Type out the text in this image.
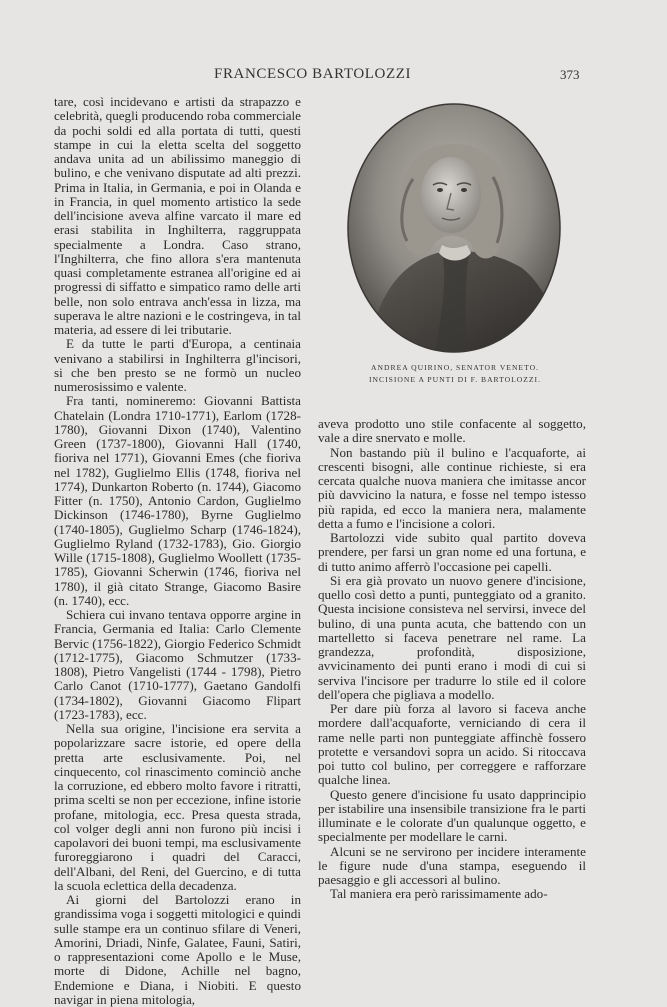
FRANCESCO BARTOLOZZI	373

tare, così incidevano e artisti da strapazzo e celebrità, quegli producendo roba commerciale da pochi soldi ed alla portata di tutti, questi stampe in cui la eletta scelta del soggetto andava unita ad un abilissimo maneggio di bulino, e che venivano disputate ad alti prezzi. Prima in Italia, in Germania, e poi in Olanda e in Francia, in quel momento artistico la sede dell'incisione aveva alfine varcato il mare ed erasi stabilita in Inghilterra, raggruppata specialmente a Londra. Caso strano, l'Inghilterra, che fino allora s'era mantenuta quasi completamente estranea all'origine ed ai progressi di siffatto e simpatico ramo delle arti belle, non solo entrava anch'essa in lizza, ma superava le altre nazioni e le costringeva, in tal materia, ad essere di lei tributarie.

E da tutte le parti d'Europa, a centinaia venivano a stabilirsi in Inghilterra gl'incisori, si che ben presto se ne formò un nucleo numerosissimo e valente.

Fra tanti, nomineremo: Giovanni Battista Chatelain (Londra 1710-1771), Earlom (1728-1780), Giovanni Dixon (1740), Valentino Green (1737-1800), Giovanni Hall (1740, fioriva nel 1771), Giovanni Emes (che fioriva nel 1782), Guglielmo Ellis (1748, fioriva nel 1774), Dunkarton Roberto (n. 1744), Giacomo Fitter (n. 1750), Antonio Cardon, Guglielmo Dickinson (1746-1780), Byrne Guglielmo (1740-1805), Guglielmo Scharp (1746-1824), Guglielmo Ryland (1732-1783), Gio. Giorgio Wille (1715-1808), Guglielmo Woollett (1735-1785), Giovanni Scherwin (1746, fioriva nel 1780), il già citato Strange, Giacomo Basire (n. 1740), ecc.

Schiera cui invano tentava opporre argine in Francia, Germania ed Italia: Carlo Clemente Bervic (1756-1822), Giorgio Federico Schmidt (1712-1775), Giacomo Schmutzer (1733-1808), Pietro Vangelisti (1744 - 1798), Pietro Carlo Canot (1710-1777), Gaetano Gandolfi (1734-1802), Giovanni Giacomo Flipart (1723-1783), ecc.

Nella sua origine, l'incisione era servita a popolarizzare sacre istorie, ed opere della pretta arte esclusivamente. Poi, nel cinquecento, col rinascimento cominciò anche la corruzione, ed ebbero molto favore i ritratti, prima scelti se non per eccezione, infine istorie profane, mitologia, ecc. Presa questa strada, col volger degli anni non furono più incisi i capolavori dei buoni tempi, ma esclusivamente furoreggiarono i quadri del Caracci, dell'Albani, del Reni, del Guercino, e di tutta la scuola eclettica della decadenza.

Ai giorni del Bartolozzi erano in grandissima voga i soggetti mitologici e quindi sulle stampe era un continuo sfilare di Veneri, Amorini, Driadi, Ninfe, Galatee, Fauni, Satiri, o rappresentazioni come Apollo e le Muse, morte di Didone, Achille nel bagno, Endemione e Diana, i Niobiti. E questo navigar in piena mitologia,

ANDREA QUIRINO, SENATOR VENETO.
INCISIONE A PUNTI DI F. BARTOLOZZI.

aveva prodotto uno stile confacente al soggetto, vale a dire snervato e molle.

Non bastando più il bulino e l'acquaforte, ai crescenti bisogni, alle continue richieste, si era cercata qualche nuova maniera che imitasse ancor più davvicino la natura, e fosse nel tempo istesso più rapida, ed ecco la maniera nera, malamente detta a fumo e l'incisione a colori.

Bartolozzi vide subito qual partito doveva prendere, per farsi un gran nome ed una fortuna, e di tutto animo afferrò l'occasione pei capelli.

Si era già provato un nuovo genere d'incisione, quello così detto a punti, punteggiato od a granito. Questa incisione consisteva nel servirsi, invece del bulino, di una punta acuta, che battendo con un martelletto si faceva penetrare nel rame. La grandezza, profondità, disposizione, avvicinamento dei punti erano i modi di cui si serviva l'incisore per tradurre lo stile ed il colore dell'opera che pigliava a modello.

Per dare più forza al lavoro si faceva anche mordere dall'acquaforte, verniciando di cera il rame nelle parti non punteggiate affinchè fossero protette e versandovi sopra un acido. Si ritoccava poi tutto col bulino, per correggere e rafforzare qualche linea.

Questo genere d'incisione fu usato dapprincipio per istabilire una insensibile transizione fra le parti illuminate e le colorate d'un qualunque oggetto, e specialmente per modellare le carni.

Alcuni se ne servirono per incidere interamente le figure nude d'una stampa, eseguendo il paesaggio e gli accessori al bulino.

Tal maniera era però rarissimamente ado-
